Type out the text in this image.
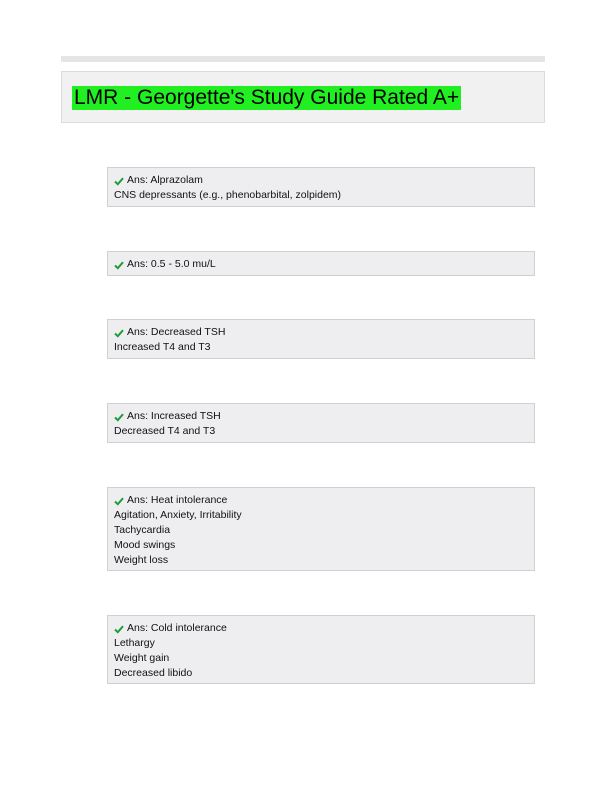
LMR - Georgette's Study Guide Rated A+
Ans: Alprazolam
CNS depressants (e.g., phenobarbital, zolpidem)
Ans: 0.5 - 5.0 mu/L
Ans: Decreased TSH
Increased T4 and T3
Ans: Increased TSH
Decreased T4 and T3
Ans: Heat intolerance
Agitation, Anxiety, Irritability
Tachycardia
Mood swings
Weight loss
Ans: Cold intolerance
Lethargy
Weight gain
Decreased libido
